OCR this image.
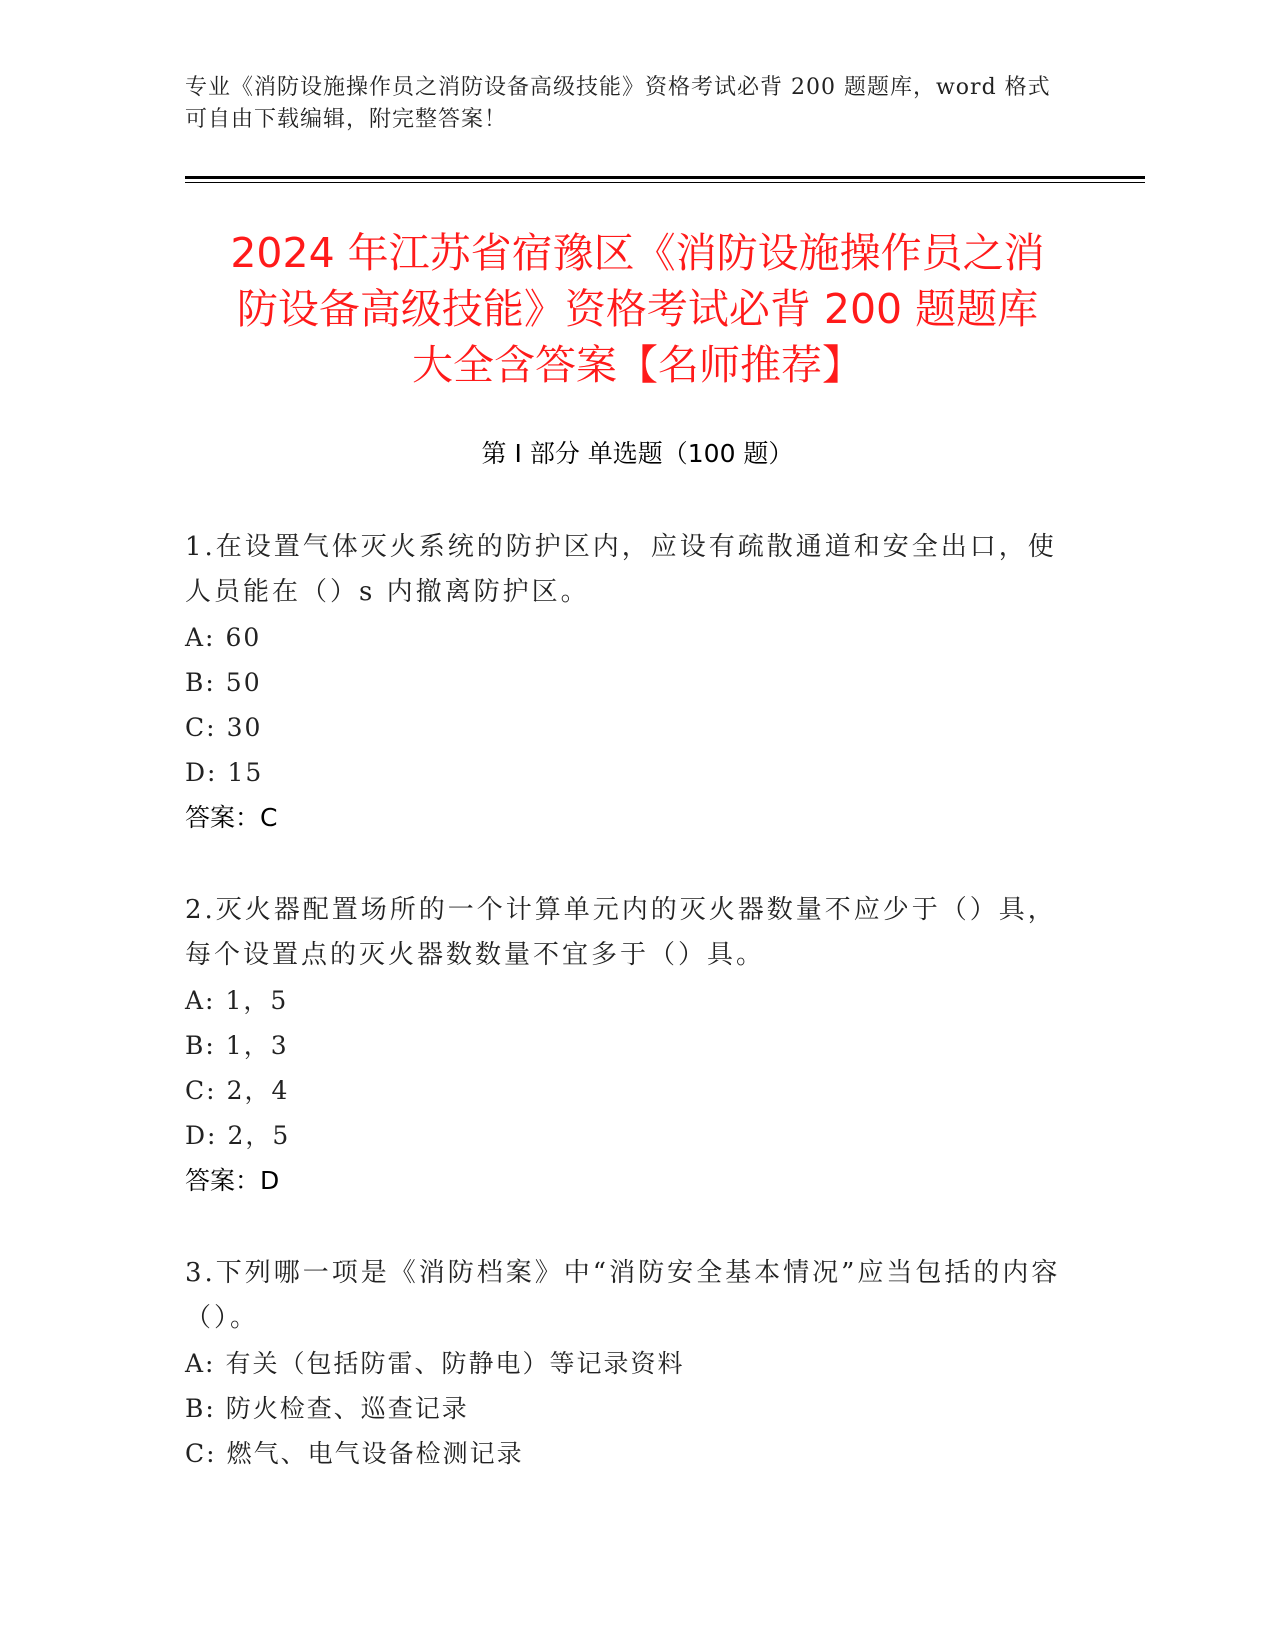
专业《消防设施操作员之消防设备高级技能》资格考试必背 200 题题库，word 格式可自由下载编辑，附完整答案！
2024 年江苏省宿豫区《消防设施操作员之消
防设备高级技能》资格考试必背 200 题题库
大全含答案【名师推荐】
第 I 部分 单选题（100 题）
1.在设置气体灭火系统的防护区内，应设有疏散通道和安全出口，使人员能在（）s 内撤离防护区。
A: 60
B: 50
C: 30
D: 15
答案：C
2.灭火器配置场所的一个计算单元内的灭火器数量不应少于（）具，每个设置点的灭火器数数量不宜多于（）具。
A: 1，5
B: 1，3
C: 2，4
D: 2，5
答案：D
3.下列哪一项是《消防档案》中“消防安全基本情况”应当包括的内容（）。
A: 有关（包括防雷、防静电）等记录资料
B: 防火检查、巡查记录
C: 燃气、电气设备检测记录
